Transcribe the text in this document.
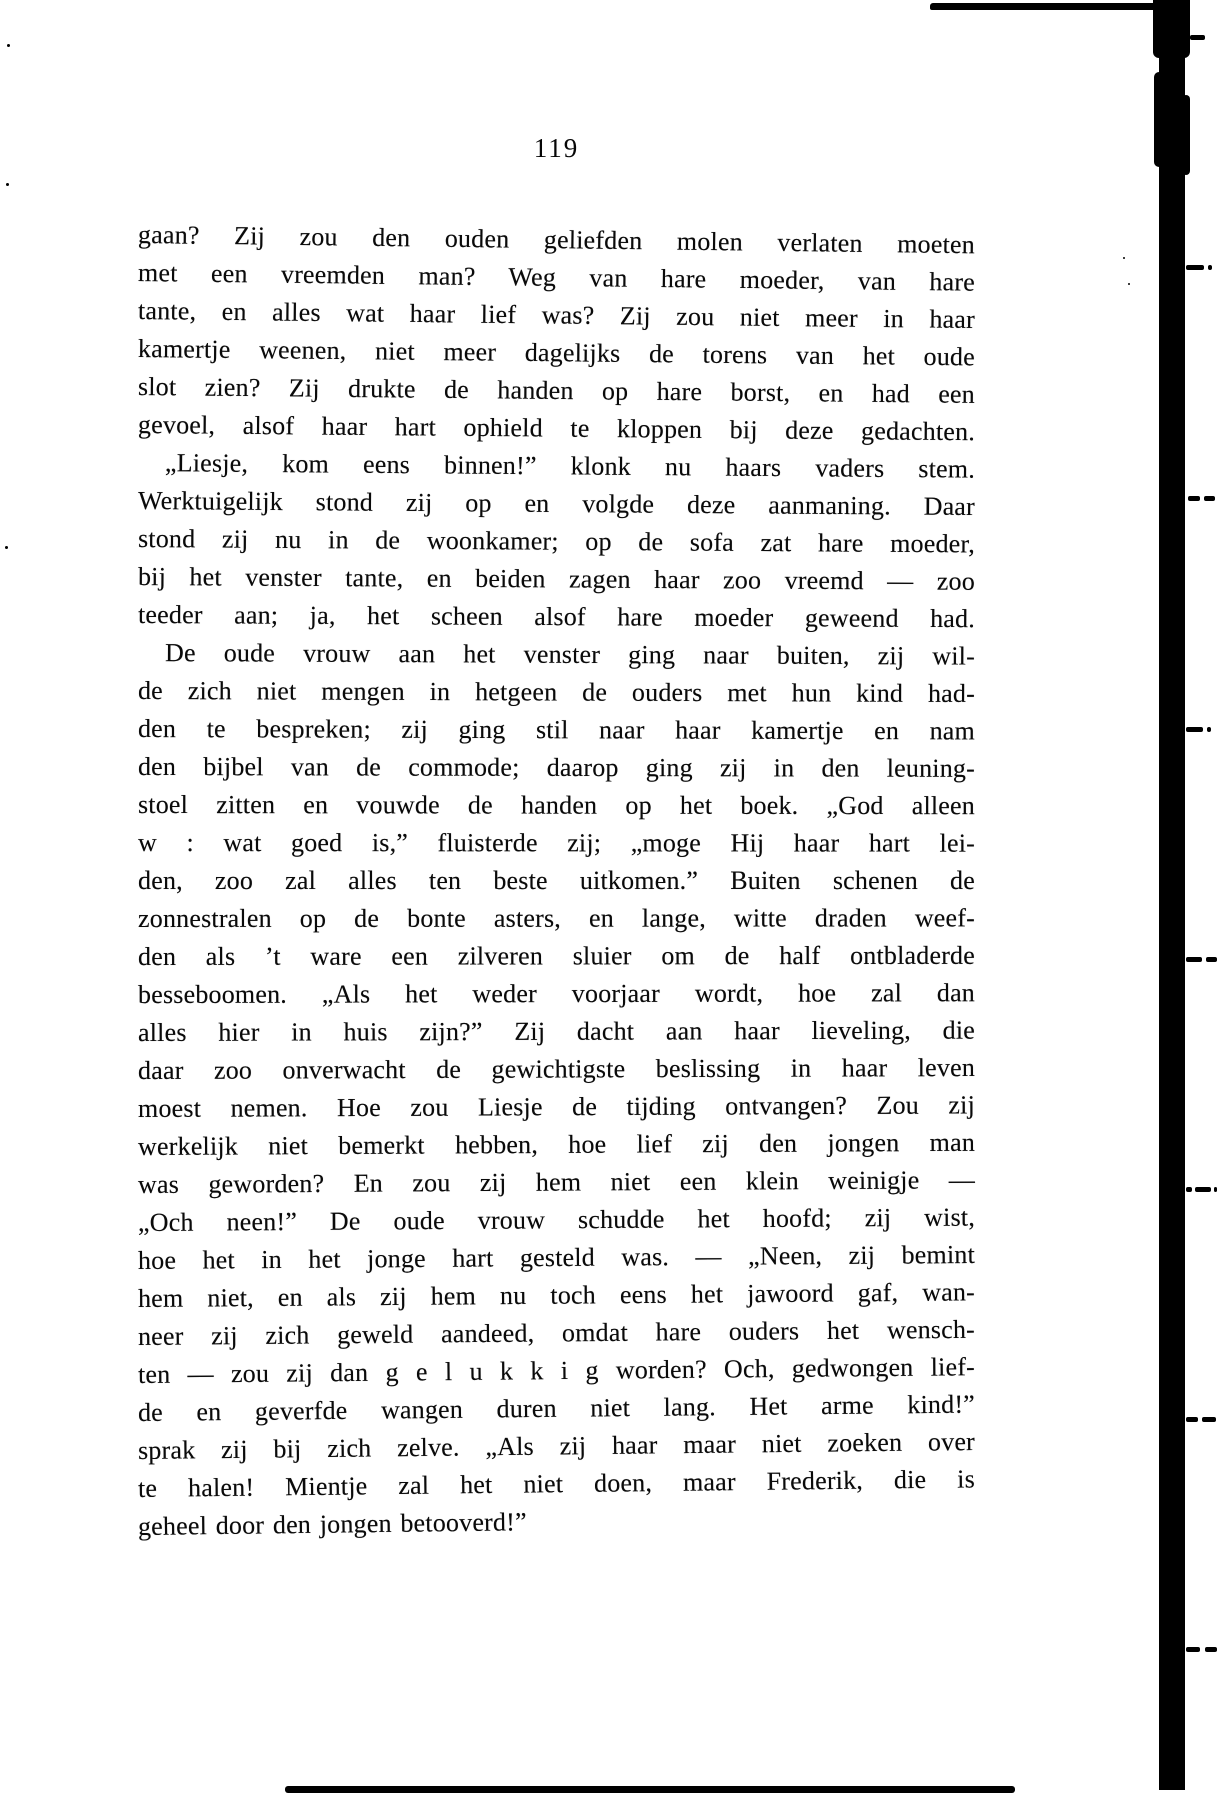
119
gaan? Zij zou den ouden geliefden molen verlaten moeten
met een vreemden man? Weg van hare moeder, van hare
tante, en alles wat haar lief was? Zij zou niet meer in haar
kamertje weenen, niet meer dagelijks de torens van het oude
slot zien? Zij drukte de handen op hare borst, en had een
gevoel, alsof haar hart ophield te kloppen bij deze gedachten.
„Liesje, kom eens binnen!” klonk nu haars vaders stem.
Werktuigelijk stond zij op en volgde deze aanmaning. Daar
stond zij nu in de woonkamer; op de sofa zat hare moeder,
bij het venster tante, en beiden zagen haar zoo vreemd — zoo
teeder aan; ja, het scheen alsof hare moeder geweend had.
De oude vrouw aan het venster ging naar buiten, zij wil-
de zich niet mengen in hetgeen de ouders met hun kind had-
den te bespreken; zij ging stil naar haar kamertje en nam
den bijbel van de commode; daarop ging zij in den leuning-
stoel zitten en vouwde de handen op het boek. „God alleen
w : wat goed is,” fluisterde zij; „moge Hij haar hart lei-
den, zoo zal alles ten beste uitkomen.” Buiten schenen de
zonnestralen op de bonte asters, en lange, witte draden weef-
den als ’t ware een zilveren sluier om de half ontbladerde
besseboomen. „Als het weder voorjaar wordt, hoe zal dan
alles hier in huis zijn?” Zij dacht aan haar lieveling, die
daar zoo onverwacht de gewichtigste beslissing in haar leven
moest nemen. Hoe zou Liesje de tijding ontvangen? Zou zij
werkelijk niet bemerkt hebben, hoe lief zij den jongen man
was geworden? En zou zij hem niet een klein weinigje —
„Och neen!” De oude vrouw schudde het hoofd; zij wist,
hoe het in het jonge hart gesteld was. — „Neen, zij bemint
hem niet, en als zij hem nu toch eens het jawoord gaf, wan-
neer zij zich geweld aandeed, omdat hare ouders het wensch-
ten — zou zij dan g e l u k k i g worden? Och, gedwongen lief-
de en geverfde wangen duren niet lang. Het arme kind!”
sprak zij bij zich zelve. „Als zij haar maar niet zoeken over
te halen! Mientje zal het niet doen, maar Frederik, die is
geheel door den jongen betooverd!”
